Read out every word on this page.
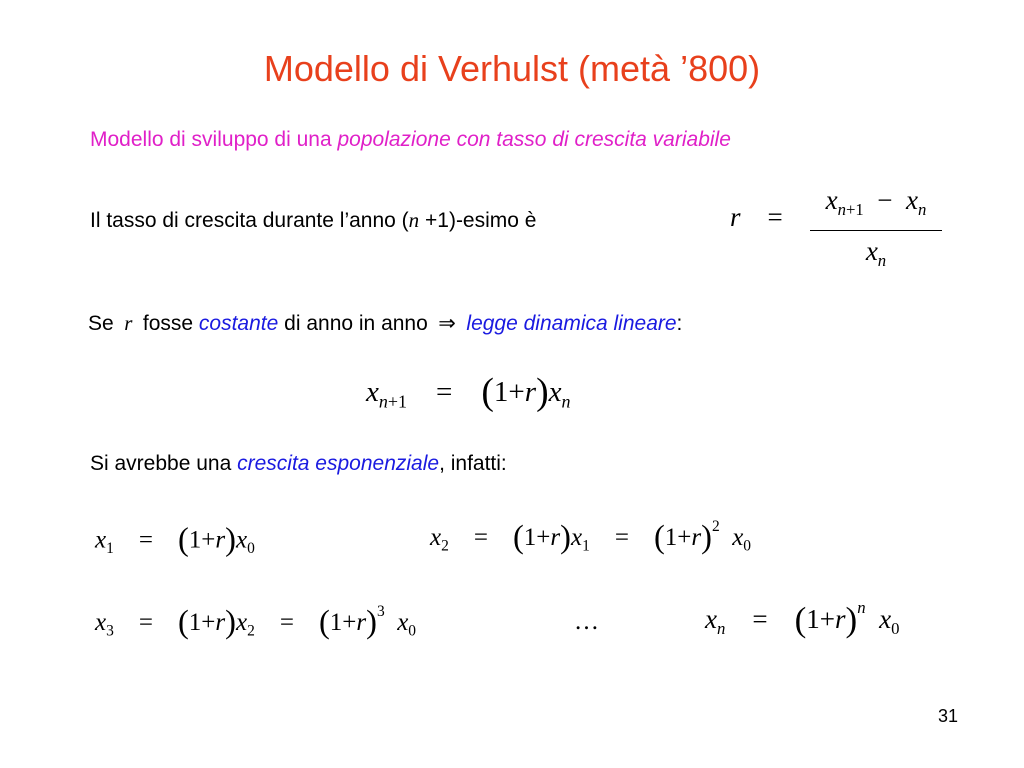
Modello di Verhulst (metà ’800)
Modello di sviluppo di una popolazione con tasso di crescita variabile
Il tasso di crescita durante l’anno (n +1)-esimo è	r =
$x_{n+1} - x_n$
$x_n$
Se r fosse costante di anno in anno ⇒ legge dinamica lineare:
$x_{n+1} = (1+r)x_n$
Si avrebbe una crescita esponenziale, infatti:
$x_1 = (1+r)x_0$	$x_2 = (1+r)x_1 = (1+r)^2$ $x_0$
$x_3 = (1+r)x_2 = (1+r)^3$ $x_0$	…	$x_n = (1+r)^n$ $x_0$
31
